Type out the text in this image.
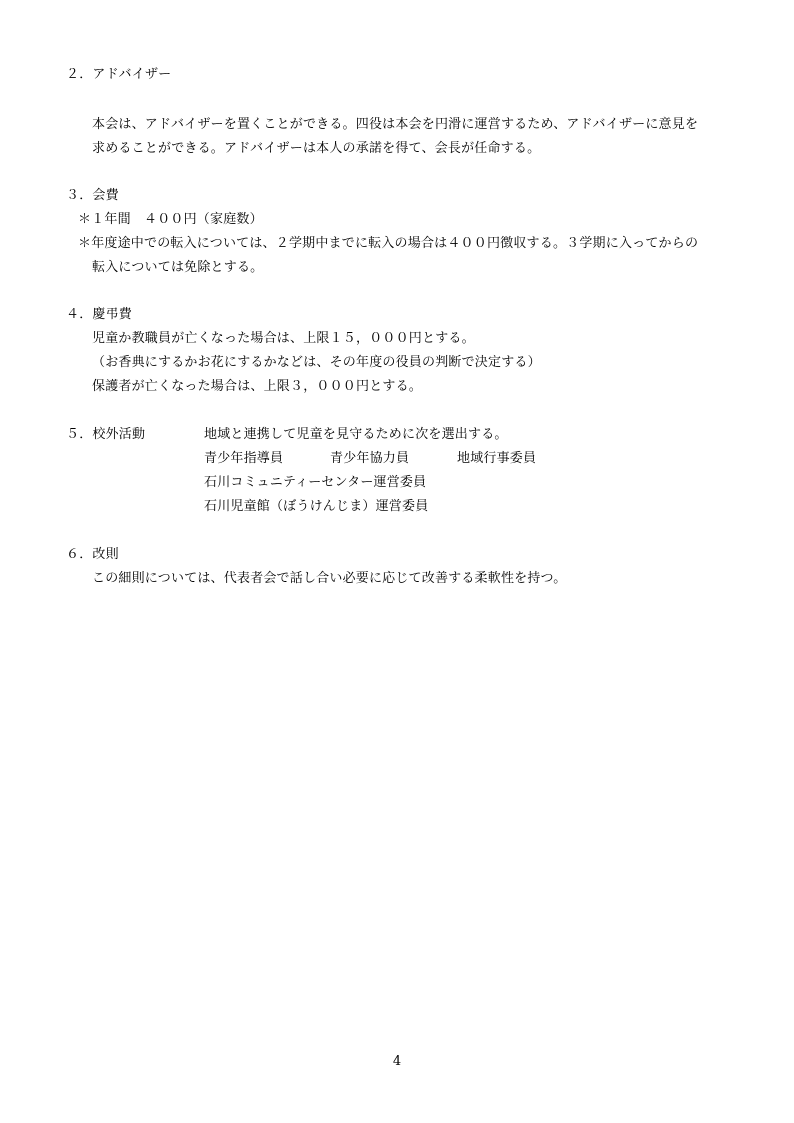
２．アドバイザー

本会は、アドバイザーを置くことができる。四役は本会を円滑に運営するため、アドバイザーに意見を

求めることができる。アドバイザーは本人の承諾を得て、会長が任命する。

３．会費

＊１年間　４００円（家庭数）

＊年度途中での転入については、２学期中までに転入の場合は４００円徴収する。３学期に入ってからの

転入については免除とする。

４．慶弔費

児童か教職員が亡くなった場合は、上限１５，０００円とする。

（お香典にするかお花にするかなどは、その年度の役員の判断で決定する）

保護者が亡くなった場合は、上限３，０００円とする。

５．校外活動	地域と連携して児童を見守るために次を選出する。

青少年指導員	青少年協力員	地域行事委員

石川コミュニティーセンター運営委員

石川児童館（ぼうけんじま）運営委員

６．改則

この細則については、代表者会で話し合い必要に応じて改善する柔軟性を持つ。

4
